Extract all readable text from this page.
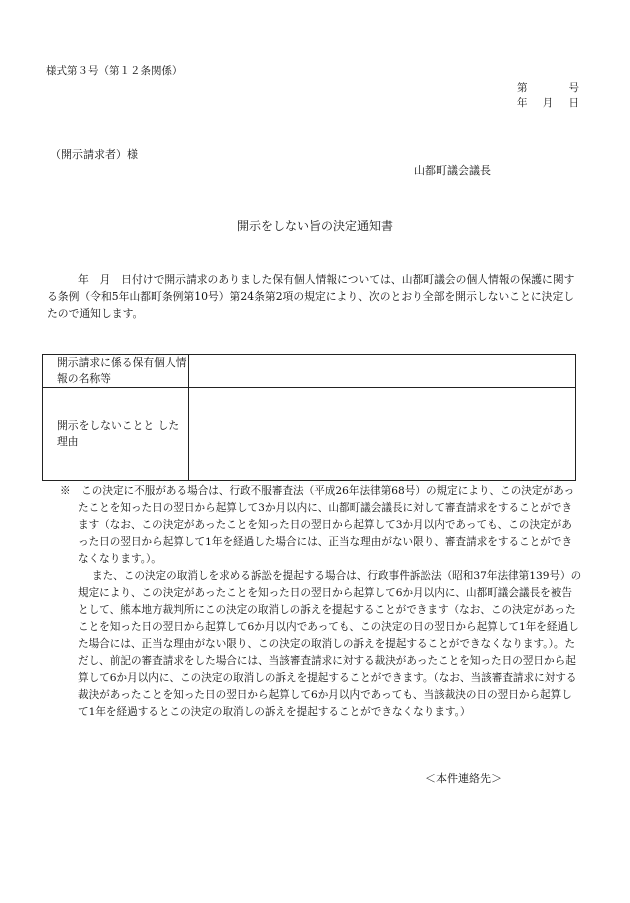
様式第３号（第１２条関係）
第	号
年 月 日
（開示請求者）様
山都町議会議長
開示をしない旨の決定通知書
年　月　日付けで開示請求のありました保有個人情報については、山都町議会の個人情報の保護に関する条例（令和5年山都町条例第10号）第24条第2項の規定により、次のとおり全部を開示しないことに決定したので通知します。
開示請求に係る保有個人情報の名称等	
開示をしないことと した理由	

※　この決定に不服がある場合は、行政不服審査法（平成26年法律第68号）の規定により、この決定があったことを知った日の翌日から起算して3か月以内に、山都町議会議長に対して審査請求をすることができます（なお、この決定があったことを知った日の翌日から起算して3か月以内であっても、この決定があった日の翌日から起算して1年を経過した場合には、正当な理由がない限り、審査請求をすることができなくなります。）。

また、この決定の取消しを求める訴訟を提起する場合は、行政事件訴訟法（昭和37年法律第139号）の規定により、この決定があったことを知った日の翌日から起算して6か月以内に、山都町議会議長を被告として、熊本地方裁判所にこの決定の取消しの訴えを提起することができます（なお、この決定があったことを知った日の翌日から起算して6か月以内であっても、この決定の日の翌日から起算して1年を経過した場合には、正当な理由がない限り、この決定の取消しの訴えを提起することができなくなります。）。ただし、前記の審査請求をした場合には、当該審査請求に対する裁決があったことを知った日の翌日から起算して6か月以内に、この決定の取消しの訴えを提起することができます。（なお、当該審査請求に対する裁決があったことを知った日の翌日から起算して6か月以内であっても、当該裁決の日の翌日から起算して1年を経過するとこの決定の取消しの訴えを提起することができなくなります。）

＜本件連絡先＞
